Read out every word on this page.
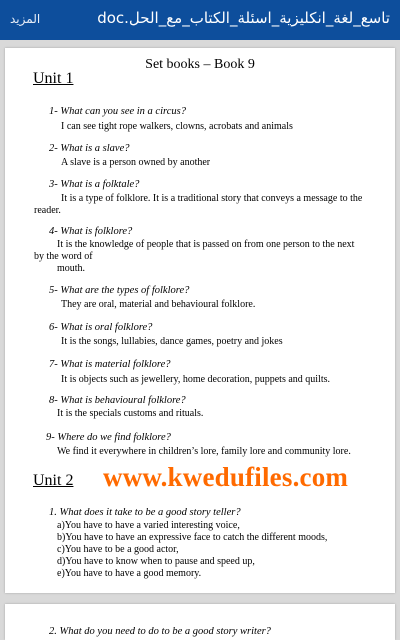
doc.تاسع_لغة_انكليزية_اسئلة_الكتاب_مع_الحل
المزيد
Set books – Book 9
Unit 1
1- What can you see in a circus?
I can see tight rope walkers, clowns, acrobats and animals
2- What is a slave?
A slave is a person owned by another
3- What is a folktale?
It is a type of folklore. It is a traditional story that conveys a message to the
reader.
4- What is folklore?
It is the knowledge of people that is passed on from one person to the next
by the word of
mouth.
5- What are the types of folklore?
They are oral, material and behavioural folklore.
6- What is oral folklore?
It is the songs, lullabies, dance games, poetry and jokes
7- What is material folklore?
It is objects such as jewellery, home decoration, puppets and quilts.
8- What is behavioural folklore?
It is the specials customs and rituals.
9- Where do we find folklore?
We find it everywhere in children’s lore, family lore and community lore.
www.kwedufiles.com
Unit 2
1. What does it take to be a good story teller?
a)You have to have a varied interesting voice,
b)You have to have an expressive face to catch the different moods,
c)You have to be a good actor,
d)You have to know when to pause and speed up,
e)You have to have a good memory.
2. What do you need to do to be a good story writer?
